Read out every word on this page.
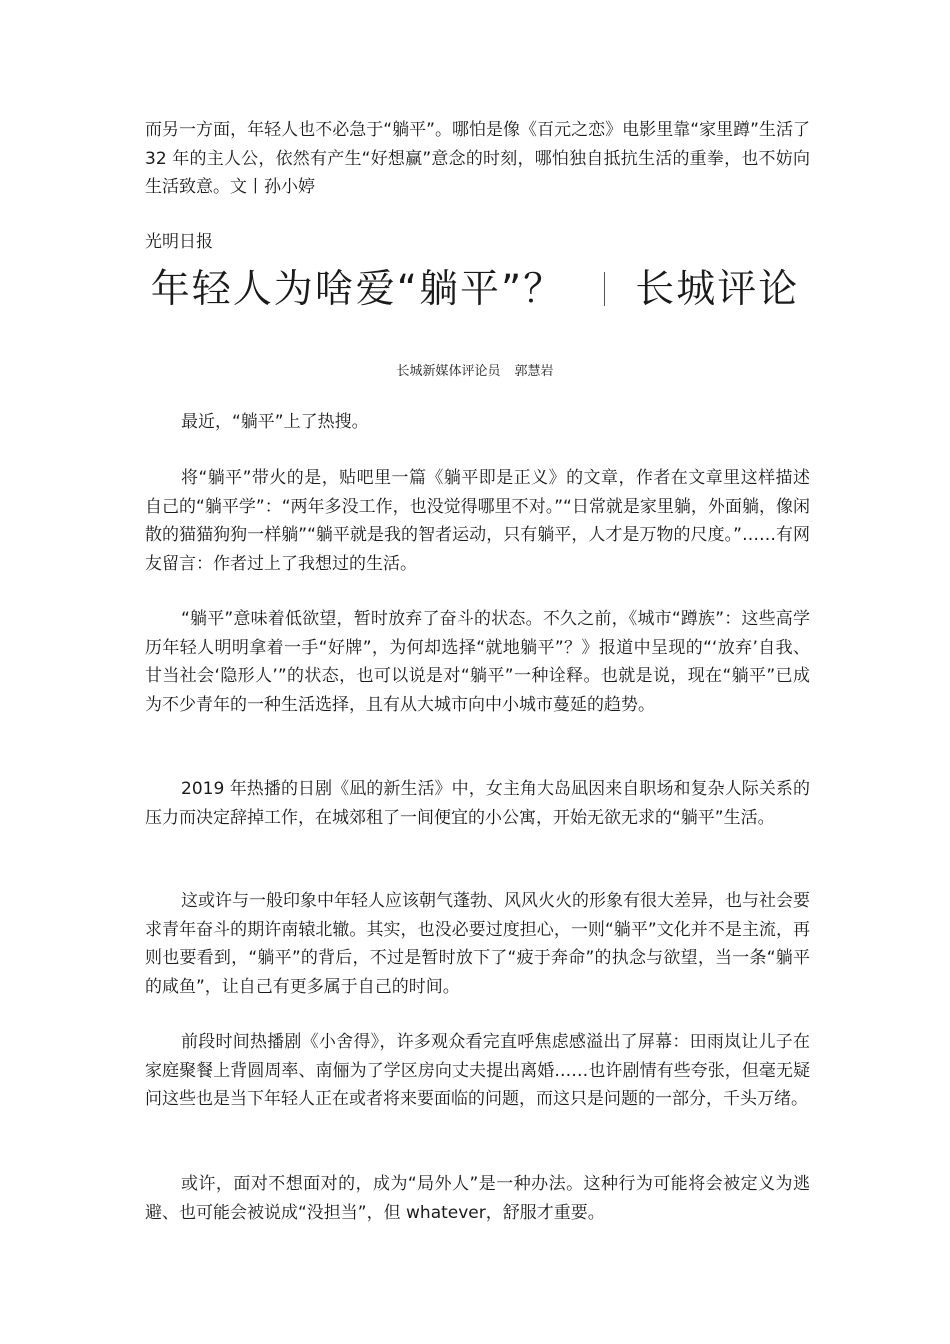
而另一方面，年轻人也不必急于“躺平”。哪怕是像《百元之恋》电影里靠“家里蹲”生活了 32 年的主人公，依然有产生“好想赢”意念的时刻，哪怕独自抵抗生活的重拳，也不妨向生活致意。文丨孙小婷
光明日报
年轻人为啥爱“躺平”？ 长城评论
长城新媒体评论员 郭慧岩

最近，“躺平”上了热搜。

将“躺平”带火的是，贴吧里一篇《躺平即是正义》的文章，作者在文章里这样描述自己的“躺平学”：“两年多没工作，也没觉得哪里不对。”“日常就是家里躺，外面躺，像闲散的猫猫狗狗一样躺”“躺平就是我的智者运动，只有躺平，人才是万物的尺度。”……有网友留言：作者过上了我想过的生活。

“躺平”意味着低欲望，暂时放弃了奋斗的状态。不久之前，《城市“蹲族”：这些高学历年轻人明明拿着一手“好牌”，为何却选择“就地躺平”？》报道中呈现的“‘放弃’自我、甘当社会‘隐形人’”的状态，也可以说是对“躺平”一种诠释。也就是说，现在“躺平”已成为不少青年的一种生活选择，且有从大城市向中小城市蔓延的趋势。

2019 年热播的日剧《凪的新生活》中，女主角大岛凪因来自职场和复杂人际关系的压力而决定辞掉工作，在城郊租了一间便宜的小公寓，开始无欲无求的“躺平”生活。

这或许与一般印象中年轻人应该朝气蓬勃、风风火火的形象有很大差异，也与社会要求青年奋斗的期许南辕北辙。其实，也没必要过度担心，一则“躺平”文化并不是主流，再则也要看到，“躺平”的背后，不过是暂时放下了“疲于奔命”的执念与欲望，当一条“躺平的咸鱼”，让自己有更多属于自己的时间。

前段时间热播剧《小舍得》，许多观众看完直呼焦虑感溢出了屏幕：田雨岚让儿子在家庭聚餐上背圆周率、南俪为了学区房向丈夫提出离婚……也许剧情有些夸张，但毫无疑问这些也是当下年轻人正在或者将来要面临的问题，而这只是问题的一部分，千头万绪。

或许，面对不想面对的，成为“局外人”是一种办法。这种行为可能将会被定义为逃避、也可能会被说成“没担当”，但 whatever，舒服才重要。
